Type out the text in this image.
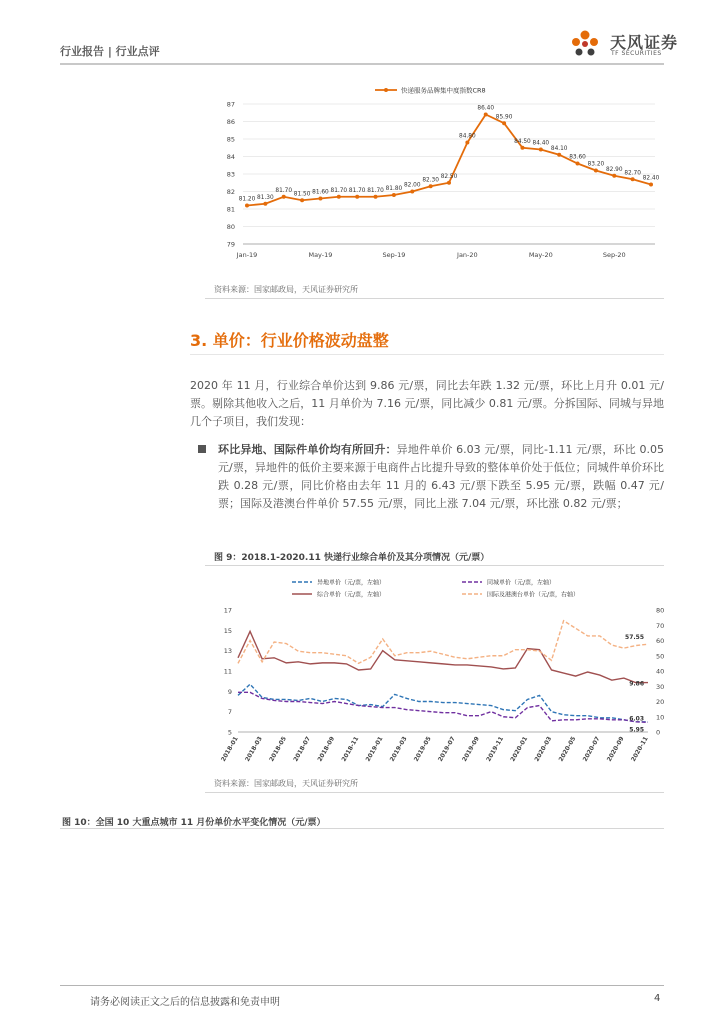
行业报告 | 行业点评	天风证券
TF SECURITIES
79
80
81
82
83
84
85
86
87
Jan-19	May-19	Sep-19	Jan-20	May-20	Sep-20
81.20 81.30
81.70
81.50 81.60 81.70 81.70 81.70 81.80
82.00
82.30
82.50
84.80
86.40
85.90
84.50 84.40
84.10
83.60
83.20
82.90
82.70
82.40
快递服务品牌集中度指数CR8
资料来源：国家邮政局，天风证券研究所
3. 单价：行业价格波动盘整
2020 年 11 月，行业综合单价达到 9.86 元/票，同比去年跌 1.32 元/票，环比上月升 0.01 元/票。剔除其他收入之后，11 月单价为 7.16 元/票，同比减少 0.81 元/票。分拆国际、同城与异地几个子项目，我们发现：
环比异地、国际件单价均有所回升：异地件单价 6.03 元/票，同比-1.11 元/票，环比 0.05 元/票，异地件的低价主要来源于电商件占比提升导致的整体单价处于低位；同城件单价环比跌 0.28 元/票，同比价格由去年 11 月的 6.43 元/票下跌至 5.95 元/票，跌幅 0.47 元/票；国际及港澳台件单价 57.55 元/票，同比上涨 7.04 元/票，环比涨 0.82 元/票；
图 9：2018.1-2020.11 快递行业综合单价及其分项情况（元/票）
异地单价（元/票，左轴）	同城单价（元/票，左轴）
综合单价（元/票，左轴）	国际及港澳台单价（元/票，右轴）
5
7
9
11
13
15
17
0
10
20
30
40
50
60
70
80
2018-01 2018-03 2018-05 2018-07 2018-09 2018-11 2019-01 2019-03 2019-05 2019-07 2019-09 2019-11 2020-01 2020-03 2020-05 2020-07 2020-09 2020-11
57.55
9.86
6.03
5.95
资料来源：国家邮政局，天风证券研究所
图 10：全国 10 大重点城市 11 月份单价水平变化情况（元/票）
请务必阅读正文之后的信息披露和免责申明	4
